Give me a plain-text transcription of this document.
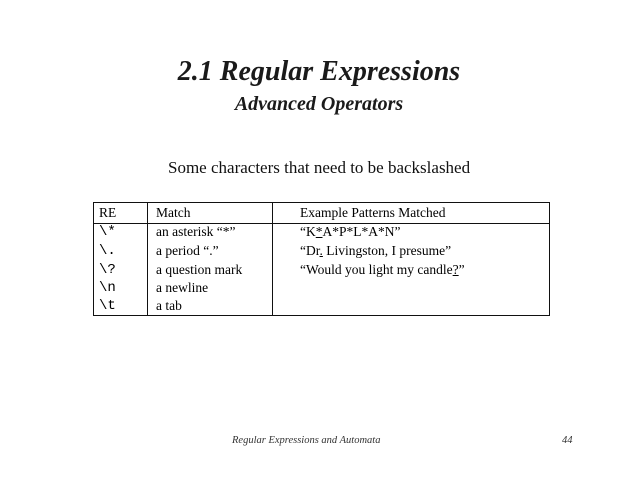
2.1 Regular Expressions
Advanced Operators
Some characters that need to be backslashed
RE	Match	Example Patterns Matched
\*	an asterisk “*”	“K*A*P*L*A*N”
\.	a period “.”	“Dr. Livingston, I presume”
\?	a question mark	“Would you light my candle?”
\n	a newline
\t	a tab
Regular Expressions and Automata	44
